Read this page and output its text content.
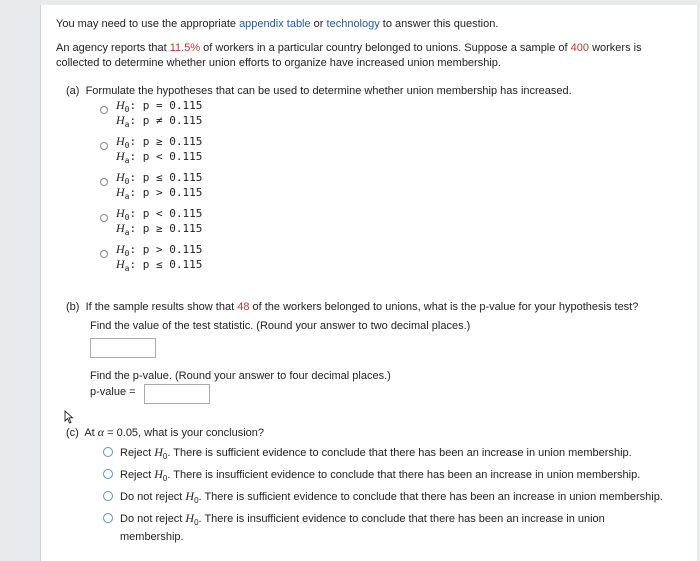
You may need to use the appropriate appendix table or technology to answer this question.
An agency reports that 11.5% of workers in a particular country belonged to unions. Suppose a sample of 400 workers is collected to determine whether union efforts to organize have increased union membership.
(a) Formulate the hypotheses that can be used to determine whether union membership has increased.
$H_0$: p = 0.115
$H_a$: p ≠ 0.115
$H_0$: p ≥ 0.115
$H_a$: p < 0.115
$H_0$: p ≤ 0.115
$H_a$: p > 0.115
$H_0$: p < 0.115
$H_a$: p ≥ 0.115
$H_0$: p > 0.115
$H_a$: p ≤ 0.115
(b) If the sample results show that 48 of the workers belonged to unions, what is the p-value for your hypothesis test?
Find the value of the test statistic. (Round your answer to two decimal places.)
Find the p-value. (Round your answer to four decimal places.)
p-value =
(c) At α = 0.05, what is your conclusion?
Reject $H_0$. There is sufficient evidence to conclude that there has been an increase in union membership.
Reject $H_0$. There is insufficient evidence to conclude that there has been an increase in union membership.
Do not reject $H_0$. There is sufficient evidence to conclude that there has been an increase in union membership.
Do not reject $H_0$. There is insufficient evidence to conclude that there has been an increase in union membership.
